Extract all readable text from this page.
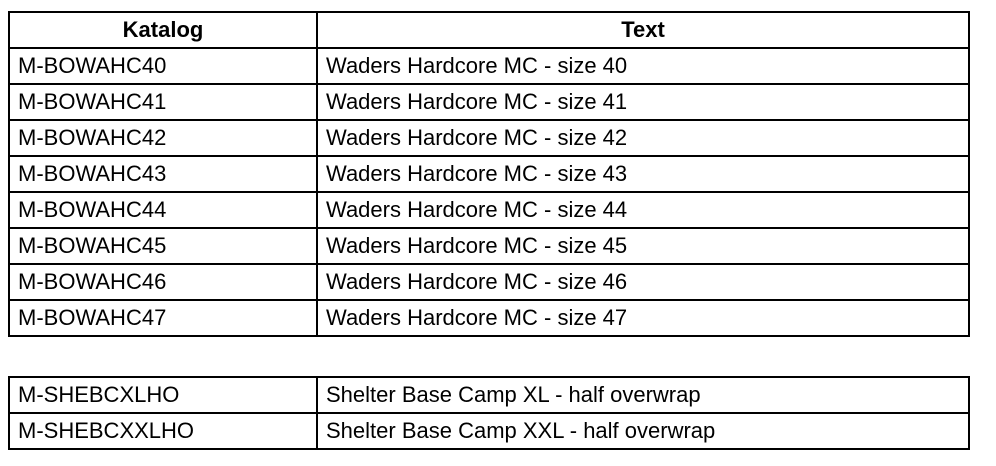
Katalog	Text
M-BOWAHC40	Waders Hardcore MC - size 40
M-BOWAHC41	Waders Hardcore MC - size 41
M-BOWAHC42	Waders Hardcore MC - size 42
M-BOWAHC43	Waders Hardcore MC - size 43
M-BOWAHC44	Waders Hardcore MC - size 44
M-BOWAHC45	Waders Hardcore MC - size 45
M-BOWAHC46	Waders Hardcore MC - size 46
M-BOWAHC47	Waders Hardcore MC - size 47
M-SHEBCXLHO	Shelter Base Camp XL - half overwrap
M-SHEBCXXLHO	Shelter Base Camp XXL - half overwrap
